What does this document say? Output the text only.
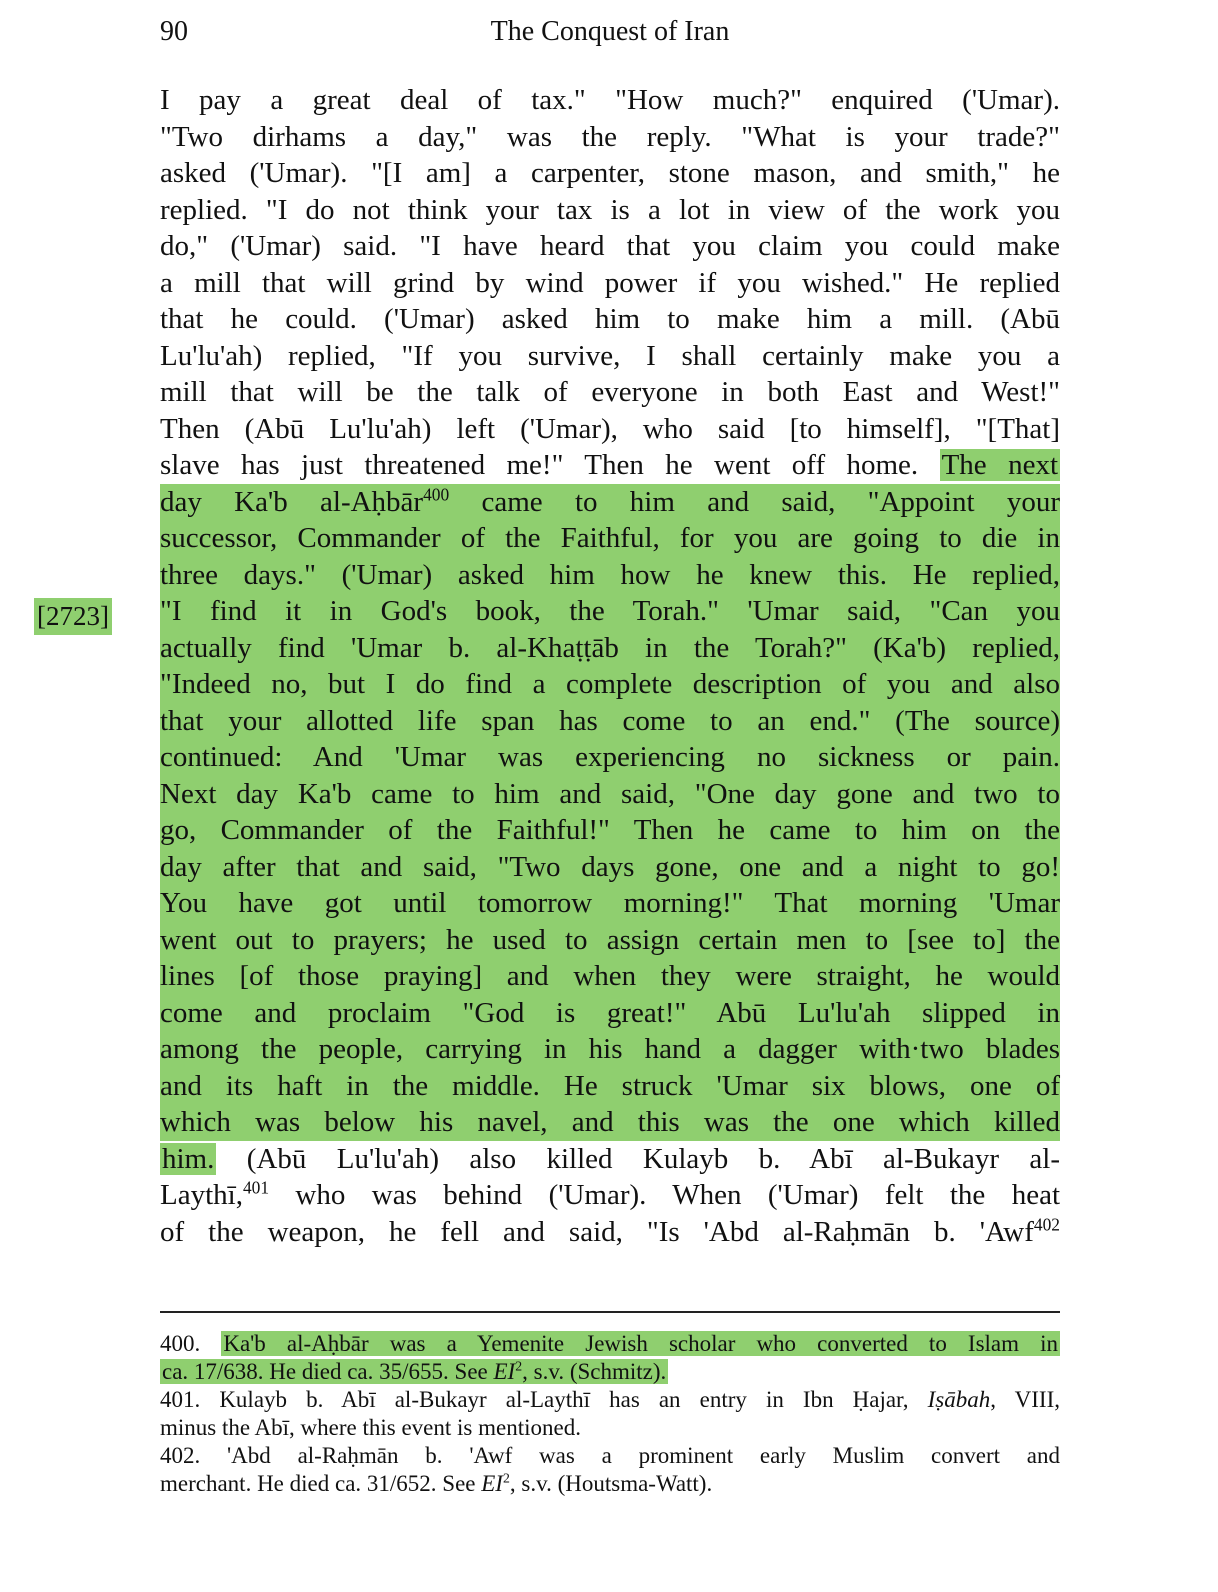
90	The Conquest of Iran
[2723]
I pay a great deal of tax." "How much?" enquired ('Umar).
"Two dirhams a day," was the reply. "What is your trade?"
asked ('Umar). "[I am] a carpenter, stone mason, and smith," he
replied. "I do not think your tax is a lot in view of the work you
do," ('Umar) said. "I have heard that you claim you could make
a mill that will grind by wind power if you wished." He replied
that he could. ('Umar) asked him to make him a mill. (Abū
Lu'lu'ah) replied, "If you survive, I shall certainly make you a
mill that will be the talk of everyone in both East and West!"
Then (Abū Lu'lu'ah) left ('Umar), who said [to himself], "[That]
slave has just threatened me!" Then he went off home. The next
day Ka'b al-Aḥbār$^{400}$ came to him and said, "Appoint your
successor, Commander of the Faithful, for you are going to die in
three days." ('Umar) asked him how he knew this. He replied,
"I find it in God's book, the Torah." 'Umar said, "Can you
actually find 'Umar b. al-Khaṭṭāb in the Torah?" (Ka'b) replied,
"Indeed no, but I do find a complete description of you and also
that your allotted life span has come to an end." (The source)
continued: And 'Umar was experiencing no sickness or pain.
Next day Ka'b came to him and said, "One day gone and two to
go, Commander of the Faithful!" Then he came to him on the
day after that and said, "Two days gone, one and a night to go!
You have got until tomorrow morning!" That morning 'Umar
went out to prayers; he used to assign certain men to [see to] the
lines [of those praying] and when they were straight, he would
come and proclaim "God is great!" Abū Lu'lu'ah slipped in
among the people, carrying in his hand a dagger with·two blades
and its haft in the middle. He struck 'Umar six blows, one of
which was below his navel, and this was the one which killed
him. (Abū Lu'lu'ah) also killed Kulayb b. Abī al-Bukayr al-
Laythī,$^{401}$ who was behind ('Umar). When ('Umar) felt the heat
of the weapon, he fell and said, "Is 'Abd al-Raḥmān b. 'Awf$^{402}$
400. Ka'b al-Aḥbār was a Yemenite Jewish scholar who converted to Islam in
ca. 17/638. He died ca. 35/655. See $EI^2$, s.v. (Schmitz).
401. Kulayb b. Abī al-Bukayr al-Laythī has an entry in Ibn Ḥajar, Iṣābah, VIII,
minus the Abī, where this event is mentioned.
402. 'Abd al-Raḥmān b. 'Awf was a prominent early Muslim convert and
merchant. He died ca. 31/652. See $EI^2$, s.v. (Houtsma-Watt).
